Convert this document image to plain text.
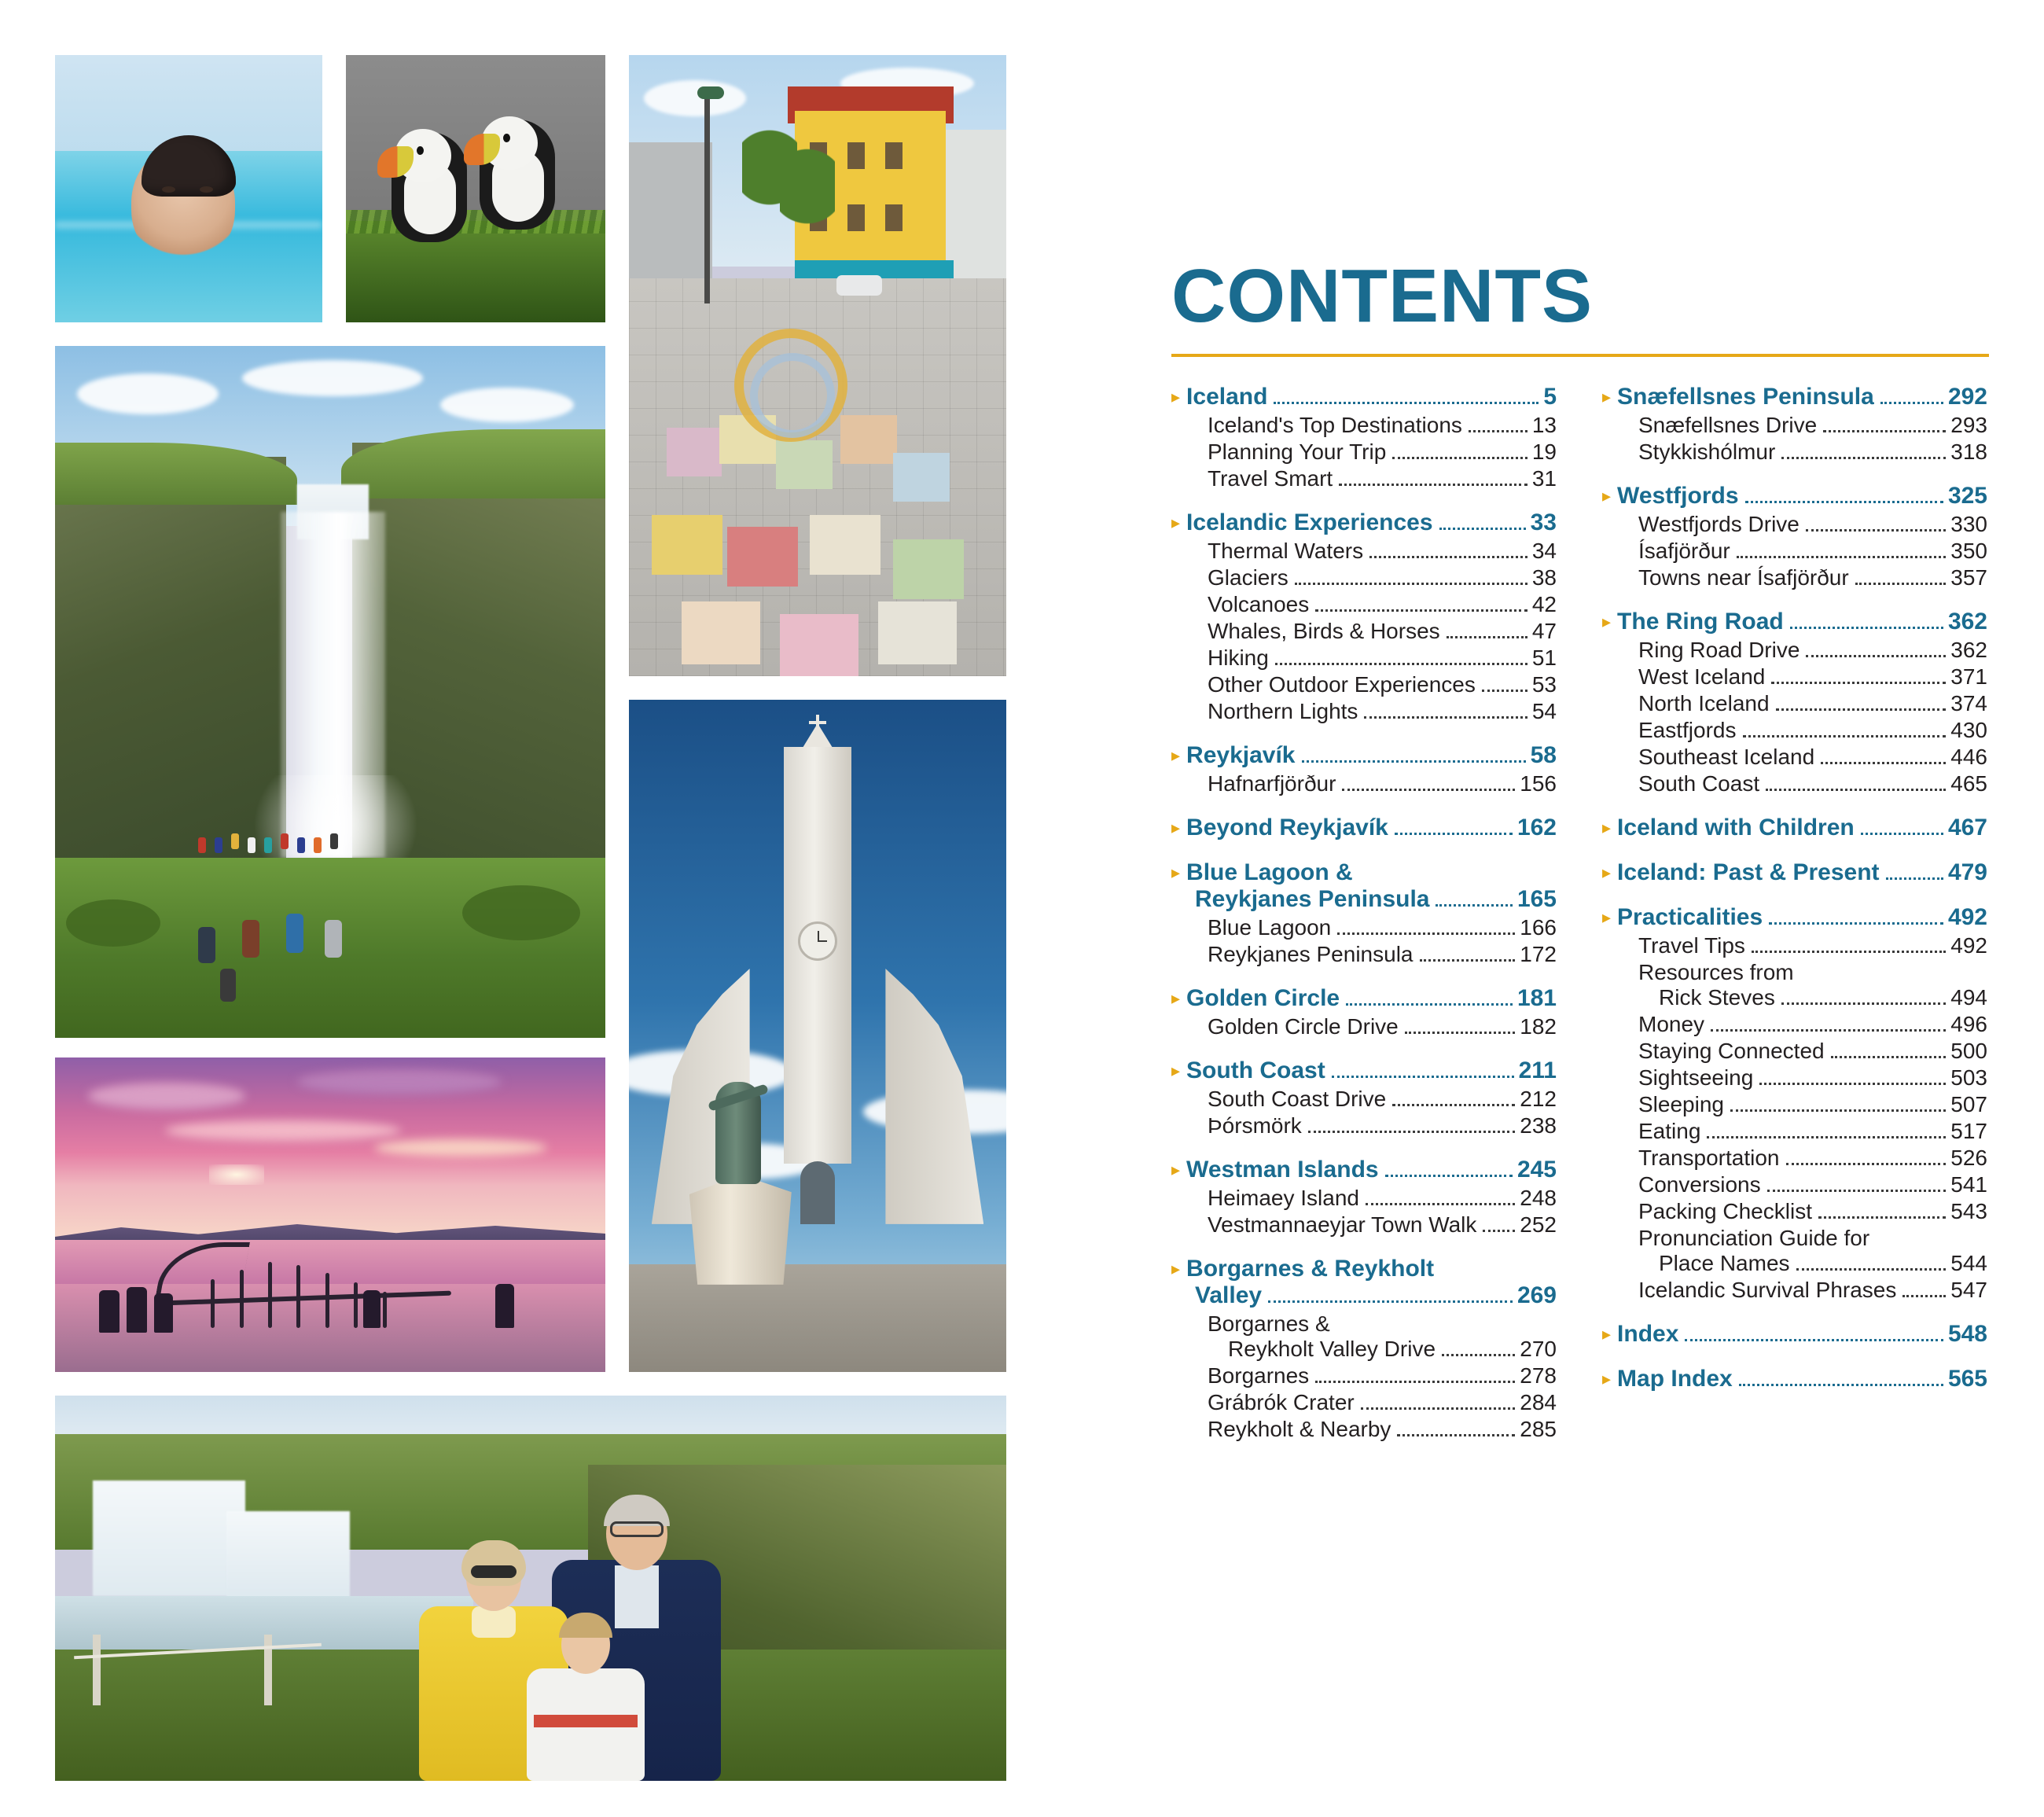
CONTENTS
▸ Iceland	5
Iceland's Top Destinations	13
Planning Your Trip	19
Travel Smart	31
▸ Icelandic Experiences	33
Thermal Waters	34
Glaciers	38
Volcanoes	42
Whales, Birds & Horses	47
Hiking	51
Other Outdoor Experiences	53
Northern Lights	54
▸ Reykjavík	58
Hafnarfjörður	156
▸ Beyond Reykjavík	162
▸ Blue Lagoon &
Reykjanes Peninsula	165
Blue Lagoon	166
Reykjanes Peninsula	172
▸ Golden Circle	181
Golden Circle Drive	182
▸ South Coast	211
South Coast Drive	212
Þórsmörk	238
▸ Westman Islands	245
Heimaey Island	248
Vestmannaeyjar Town Walk 252
▸ Borgarnes & Reykholt
Valley	269
Borgarnes &
Reykholt Valley Drive	270
Borgarnes	278
Grábrók Crater	284
Reykholt & Nearby	285
▸ Snæfellsnes Peninsula	292
Snæfellsnes Drive	293
Stykkishólmur	318
▸ Westfjords	325
Westfjords Drive	330
Ísafjörður	350
Towns near Ísafjörður	357
▸ The Ring Road	362
Ring Road Drive	362
West Iceland	371
North Iceland	374
Eastfjords	430
Southeast Iceland	446
South Coast	465
▸ Iceland with Children	467
▸ Iceland: Past & Present	479
▸ Practicalities	492
Travel Tips	492
Resources from
Rick Steves	494
Money	496
Staying Connected	500
Sightseeing	503
Sleeping	507
Eating	517
Transportation	526
Conversions	541
Packing Checklist	543
Pronunciation Guide for
Place Names	544
Icelandic Survival Phrases 547
▸ Index	548
▸ Map Index	565
